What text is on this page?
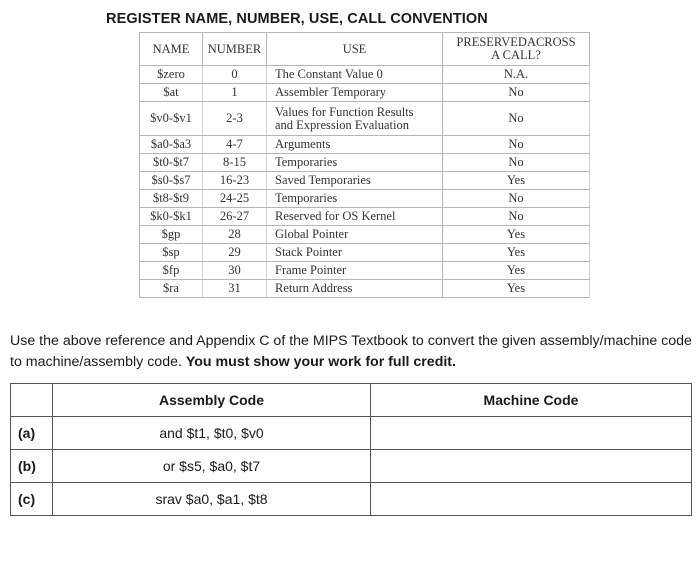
REGISTER NAME, NUMBER, USE, CALL CONVENTION
NAME	NUMBER	USE	PRESERVEDACROSS
A CALL?

$zero	0	The Constant Value 0	N.A.
$at	1	Assembler Temporary	No
$v0-$v1	2-3	Values for Function Results
and Expression Evaluation	No
$a0-$a3	4-7	Arguments	No
$t0-$t7	8-15	Temporaries	No
$s0-$s7	16-23	Saved Temporaries	Yes
$t8-$t9	24-25	Temporaries	No
$k0-$k1	26-27	Reserved for OS Kernel	No
$gp	28	Global Pointer	Yes
$sp	29	Stack Pointer	Yes
$fp	30	Frame Pointer	Yes
$ra	31	Return Address	Yes
Use the above reference and Appendix C of the MIPS Textbook to convert the given assembly/machine code to machine/assembly code. You must show your work for full credit.
	Assembly Code	Machine Code
(a)	and $t1, $t0, $v0	
(b)	or $s5, $a0, $t7	
(c)	srav $a0, $a1, $t8	
